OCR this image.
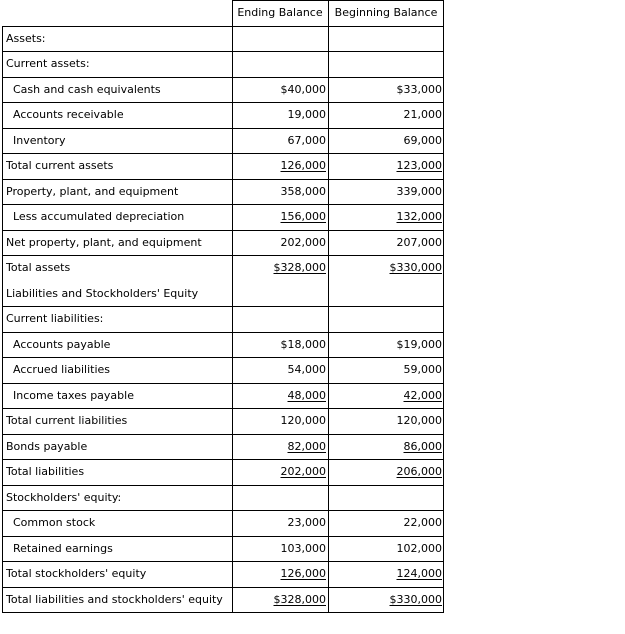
Ending Balance	Beginning Balance
Assets:
Current assets:
Cash and cash equivalents	$40,000	$33,000
Accounts receivable	19,000	21,000
Inventory	67,000	69,000
Total current assets	126,000	123,000
Property, plant, and equipment	358,000	339,000
Less accumulated depreciation	156,000	132,000
Net property, plant, and equipment	202,000	207,000
Total assets	$328,000	$330,000
Liabilities and Stockholders' Equity
Current liabilities:
Accounts payable	$18,000	$19,000
Accrued liabilities	54,000	59,000
Income taxes payable	48,000	42,000
Total current liabilities	120,000	120,000
Bonds payable	82,000	86,000
Total liabilities	202,000	206,000
Stockholders' equity:
Common stock	23,000	22,000
Retained earnings	103,000	102,000
Total stockholders' equity	126,000	124,000
Total liabilities and stockholders' equity	$328,000	$330,000
